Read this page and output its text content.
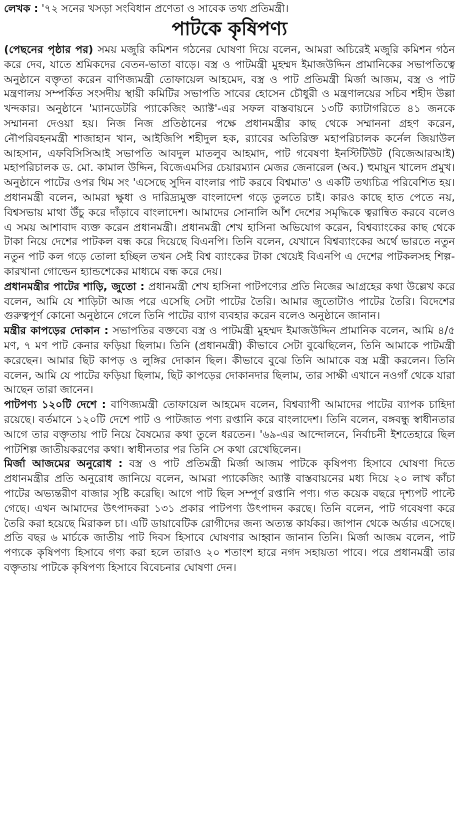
লেখক : '৭২ সনের খসড়া সংবিধান প্রণেতা ও সাবেক তথ্য প্রতিমন্ত্রী।
পাটকে কৃষিপণ্য

(পেছনের পৃষ্ঠার পর) সময় মজুরি কমিশন গঠনের ঘোষণা দিয়ে বলেন, আমরা অচিরেই মজুরি কমিশন গঠন করে দেব, যাতে শ্রমিকদের বেতন-ভাতা বাড়ে। বস্ত্র ও পাটমন্ত্রী মুহম্মদ ইমাজউদ্দিন প্রামানিকের সভাপতিত্বে অনুষ্ঠানে বক্তৃতা করেন বাণিজ্যমন্ত্রী তোফায়েল আহমেদ, বস্ত্র ও পাট প্রতিমন্ত্রী মির্জা আজম, বস্ত্র ও পাট মন্ত্রণালয় সম্পর্কিত সংসদীয় স্থায়ী কমিটির সভাপতি সাবের হোসেন চৌধুরী ও মন্ত্রণালয়ের সচিব শহীদ উল্লা খন্দকার। অনুষ্ঠানে 'ম্যানডেটরি প্যাকেজিং অ্যাক্ট'-এর সফল বাস্তবায়নে ১৩টি ক্যাটাগরিতে ৪১ জনকে সম্মাননা দেওয়া হয়। নিজ নিজ প্রতিষ্ঠানের পক্ষে প্রধানমন্ত্রীর কাছ থেকে সম্মাননা গ্রহণ করেন, নৌপরিবহনমন্ত্রী শাজাহান খান, আইজিপি শহীদুল হক, র‌্যাবের অতিরিক্ত মহাপরিচালক কর্নেল জিয়াউল আহসান, এফবিসিসিআই সভাপতি আবদুল মাতলুব আহমাদ, পাট গবেষণা ইনস্টিটিউট (বিজেআরআই) মহাপরিচালক ড. মো. কামাল উদ্দিন, বিজেএমসির চেয়ারম্যান মেজর জেনারেল (অব.) হুমায়ুন খালেদ প্রমুখ। অনুষ্ঠানে পাটের ওপর থিম সং 'এসেছে সুদিন বাংলার পাট করবে বিশ্বমাত' ও একটি তথ্যচিত্র পরিবেশিত হয়। প্রধানমন্ত্রী বলেন, আমরা ক্ষুধা ও দারিদ্র্যমুক্ত বাংলাদেশ গড়ে তুলতে চাই। কারও কাছে হাত পেতে নয়, বিশ্বসভায় মাথা উঁচু করে দাঁড়াবে বাংলাদেশ। আমাদের সোনালি আঁশ দেশের সমৃদ্ধিকে ত্বরান্বিত করবে বলেও এ সময় আশাবাদ ব্যক্ত করেন প্রধানমন্ত্রী। প্রধানমন্ত্রী শেখ হাসিনা অভিযোগ করেন, বিশ্বব্যাংকের কাছ থেকে টাকা নিয়ে দেশের পাটকল বন্ধ করে দিয়েছে বিএনপি। তিনি বলেন, যেখানে বিশ্বব্যাংকের অর্থে ভারতে নতুন নতুন পাট কল গড়ে তোলা হচ্ছিল তখন সেই বিশ্ব ব্যাংকের টাকা খেয়েই বিএনপি এ দেশের পাটকলসহ শিল্প-কারখানা গোল্ডেন হ্যান্ডশেকের মাধ্যমে বন্ধ করে দেয়।

প্রধানমন্ত্রীর পাটের শাড়ি, জুতো : প্রধানমন্ত্রী শেখ হাসিনা পাটপণ্যের প্রতি নিজের আগ্রহের কথা উল্লেখ করে বলেন, আমি যে শাড়িটা আজ পরে এসেছি সেটা পাটের তৈরি। আমার জুতোটাও পাটের তৈরি। বিদেশের গুরুত্বপূর্ণ কোনো অনুষ্ঠানে গেলে তিনি পাটের ব্যাগ ব্যবহার করেন বলেও অনুষ্ঠানে জানান।

মন্ত্রীর কাপড়ের দোকান : সভাপতির বক্তব্যে বস্ত্র ও পাটমন্ত্রী মুহম্মদ ইমাজউদ্দিন প্রামানিক বলেন, আমি ৪/৫ মণ, ৭ মণ পাট কেনার ফড়িয়া ছিলাম। তিনি (প্রধানমন্ত্রী) কীভাবে সেটা বুঝেছিলেন, তিনি আমাকে পাটমন্ত্রী করেছেন। আমার ছিট কাপড় ও লুঙ্গির দোকান ছিল। কীভাবে বুঝে তিনি আমাকে বস্ত্র মন্ত্রী করলেন। তিনি বলেন, আমি যে পাটের ফড়িয়া ছিলাম, ছিট কাপড়ের দোকানদার ছিলাম, তার সাক্ষী এখানে নওগাঁ থেকে যারা আছেন তারা জানেন।

পাটপণ্য ১২০টি দেশে : বাণিজ্যমন্ত্রী তোফায়েল আহমেদ বলেন, বিশ্বব্যাপী আমাদের পাটের ব্যাপক চাহিদা রয়েছে। বর্তমানে ১২০টি দেশে পাট ও পাটজাত পণ্য রপ্তানি করে বাংলাদেশ। তিনি বলেন, বঙ্গবন্ধু স্বাধীনতার আগে তার বক্তৃতায় পাট নিয়ে বৈষম্যের কথা তুলে ধরতেন। '৬৯-এর আন্দোলনে, নির্বাচনী ইশতেহারে ছিল পাটশিল্প জাতীয়করণের কথা। স্বাধীনতার পর তিনি সে কথা রেখেছিলেন।

মির্জা আজমের অনুরোধ : বস্ত্র ও পাট প্রতিমন্ত্রী মির্জা আজম পাটকে কৃষিপণ্য হিসাবে ঘোষণা দিতে প্রধানমন্ত্রীর প্রতি অনুরোধ জানিয়ে বলেন, আমরা প্যাকেজিং অ্যাক্ট বাস্তবায়নের মধ্য দিয়ে ২০ লাখ কাঁচা পাটের অভ্যন্তরীণ বাজার সৃষ্টি করেছি। আগে পাট ছিল সম্পূর্ণ রপ্তানি পণ্য। গত কয়েক বছরে দৃশ্যপট পাল্টে গেছে। এখন আমাদের উৎপাদকরা ১৩১ প্রকার পাটপণ্য উৎপাদন করছে। তিনি বলেন, পাট গবেষণা করে তৈরি করা হয়েছে মিরাকল চা। এটি ডায়াবেটিক রোগীদের জন্য অত্যন্ত কার্যকর। জাপান থেকে অর্ডার এসেছে। প্রতি বছর ৬ মার্চকে জাতীয় পাট দিবস হিসাবে ঘোষণার আহ্বান জানান তিনি। মির্জা আজম বলেন, পাট পণ্যকে কৃষিপণ্য হিসাবে গণ্য করা হলে তারাও ২০ শতাংশ হারে নগদ সহায়তা পাবে। পরে প্রধানমন্ত্রী তার বক্তৃতায় পাটকে কৃষিপণ্য হিসাবে বিবেচনার ঘোষণা দেন।
